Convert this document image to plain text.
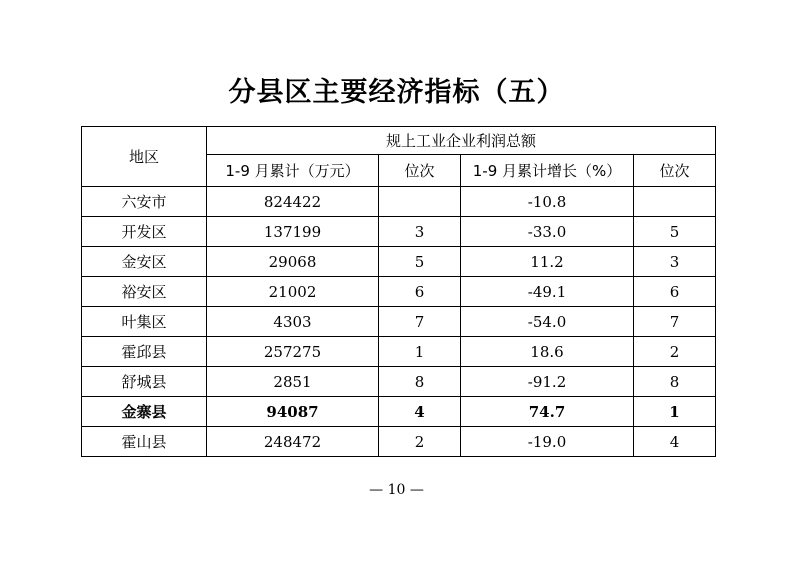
分县区主要经济指标（五）
地区	规上工业企业利润总额			
	1-9 月累计（万元）	位次	1-9 月累计增长（%）	位次
六安市	824422		-10.8	
开发区	137199	3	-33.0	5
金安区	29068	5	11.2	3
裕安区	21002	6	-49.1	6
叶集区	4303	7	-54.0	7
霍邱县	257275	1	18.6	2
舒城县	2851	8	-91.2	8
金寨县	94087	4	74.7	1
霍山县	248472	2	-19.0	4
— 10 —
